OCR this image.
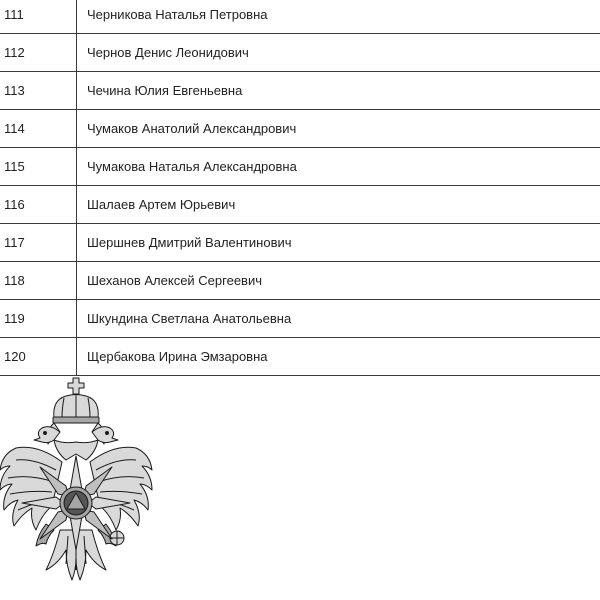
111	Черникова Наталья Петровна
112	Чернов Денис Леонидович
113	Чечина Юлия Евгеньевна
114	Чумаков Анатолий Александрович
115	Чумакова Наталья Александровна
116	Шалаев Артем Юрьевич
117	Шершнев Дмитрий Валентинович
118	Шеханов Алексей Сергеевич
119	Шкундина Светлана Анатольевна
120	Щербакова Ирина Эмзаровна
